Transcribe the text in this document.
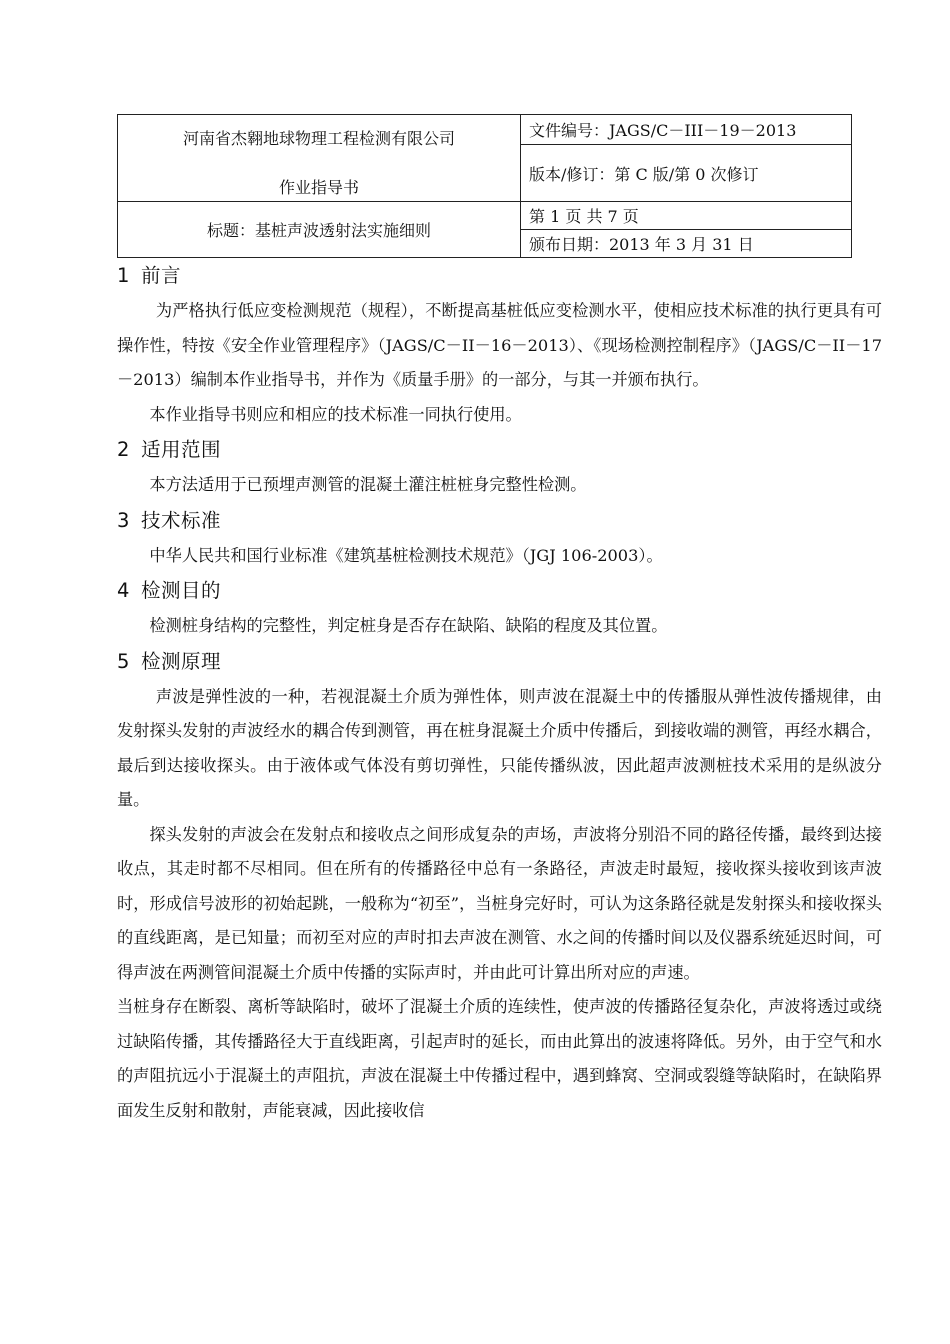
河南省杰翱地球物理工程检测有限公司
作业指导书	文件编号：JAGS/C－III－19－2013
	版本/修订：第 C 版/第 0 次修订
标题：基桩声波透射法实施细则	第 1 页 共 7 页
	颁布日期：2013 年 3 月 31 日
1 前言

为严格执行低应变检测规范（规程），不断提高基桩低应变检测水平，使相应技术标准的执行更具有可操作性，特按《安全作业管理程序》（JAGS/C－II－16－2013）、《现场检测控制程序》（JAGS/C－II－17－2013）编制本作业指导书，并作为《质量手册》的一部分，与其一并颁布执行。

本作业指导书则应和相应的技术标准一同执行使用。

2 适用范围

本方法适用于已预埋声测管的混凝土灌注桩桩身完整性检测。

3 技术标准

中华人民共和国行业标准《建筑基桩检测技术规范》（JGJ 106-2003）。

4 检测目的

检测桩身结构的完整性，判定桩身是否存在缺陷、缺陷的程度及其位置。

5 检测原理

声波是弹性波的一种，若视混凝土介质为弹性体，则声波在混凝土中的传播服从弹性波传播规律，由发射探头发射的声波经水的耦合传到测管，再在桩身混凝土介质中传播后，到接收端的测管，再经水耦合，最后到达接收探头。由于液体或气体没有剪切弹性，只能传播纵波，因此超声波测桩技术采用的是纵波分量。

探头发射的声波会在发射点和接收点之间形成复杂的声场，声波将分别沿不同的路径传播，最终到达接收点，其走时都不尽相同。但在所有的传播路径中总有一条路径，声波走时最短，接收探头接收到该声波时，形成信号波形的初始起跳，一般称为“初至”，当桩身完好时，可认为这条路径就是发射探头和接收探头的直线距离，是已知量；而初至对应的声时扣去声波在测管、水之间的传播时间以及仪器系统延迟时间，可得声波在两测管间混凝土介质中传播的实际声时，并由此可计算出所对应的声速。

当桩身存在断裂、离析等缺陷时，破坏了混凝土介质的连续性，使声波的传播路径复杂化，声波将透过或绕过缺陷传播，其传播路径大于直线距离，引起声时的延长，而由此算出的波速将降低。另外，由于空气和水的声阻抗远小于混凝土的声阻抗，声波在混凝土中传播过程中，遇到蜂窝、空洞或裂缝等缺陷时，在缺陷界面发生反射和散射，声能衰减，因此接收信
